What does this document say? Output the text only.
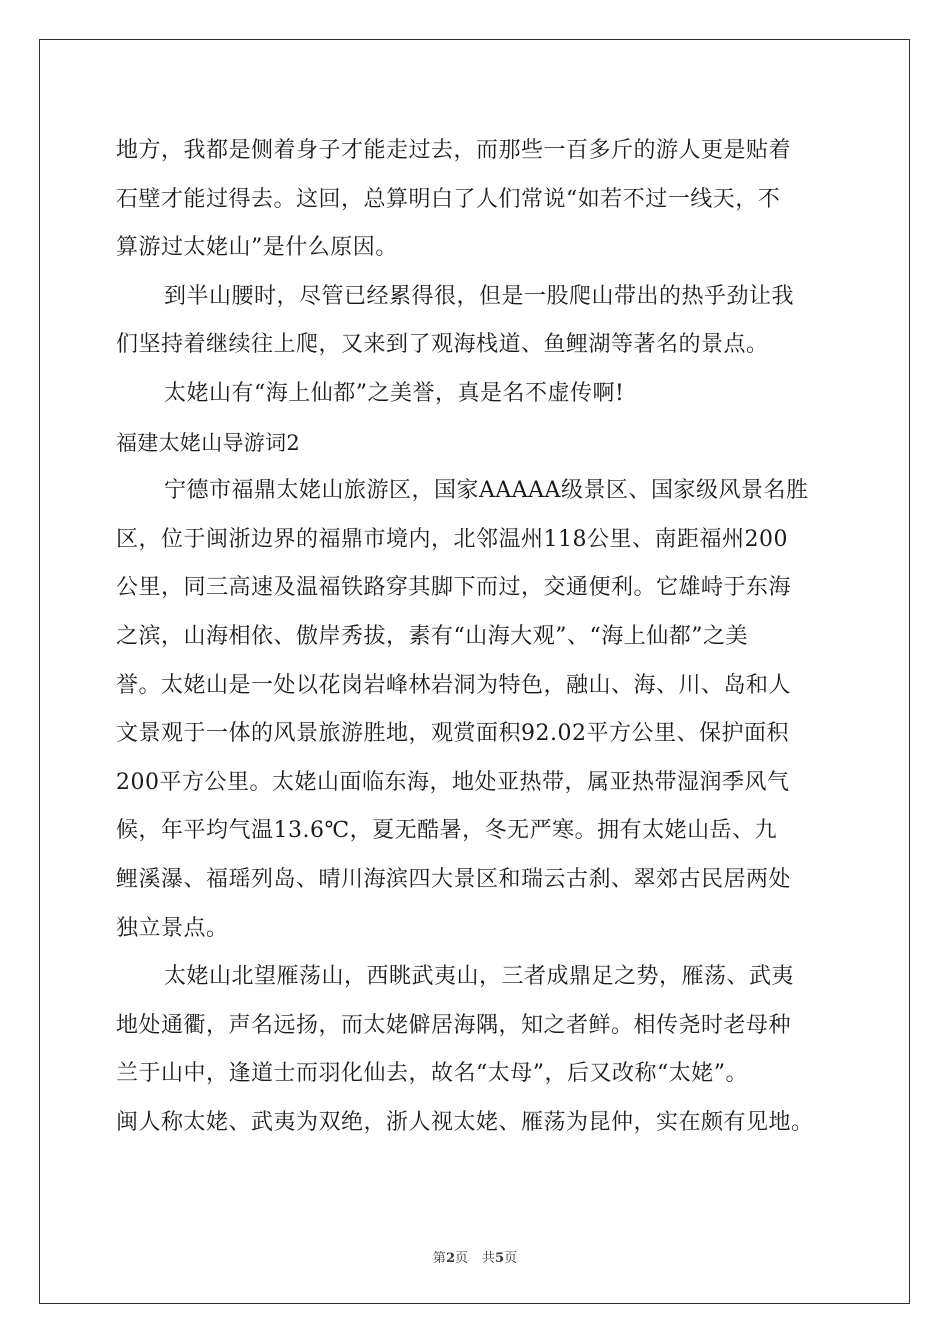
地方，我都是侧着身子才能走过去，而那些一百多斤的游人更是贴着
石壁才能过得去。这回，总算明白了人们常说“如若不过一线天，不
算游过太姥山”是什么原因。
到半山腰时，尽管已经累得很，但是一股爬山带出的热乎劲让我
们坚持着继续往上爬，又来到了观海栈道、鱼鲤湖等著名的景点。
太姥山有“海上仙都”之美誉，真是名不虚传啊!
福建太姥山导游词2
宁德市福鼎太姥山旅游区，国家AAAAA级景区、国家级风景名胜
区，位于闽浙边界的福鼎市境内，北邻温州118公里、南距福州200
公里，同三高速及温福铁路穿其脚下而过，交通便利。它雄峙于东海
之滨，山海相依、傲岸秀拔，素有“山海大观”、“海上仙都”之美
誉。太姥山是一处以花岗岩峰林岩洞为特色，融山、海、川、岛和人
文景观于一体的风景旅游胜地，观赏面积92.02平方公里、保护面积
200平方公里。太姥山面临东海，地处亚热带，属亚热带湿润季风气
候，年平均气温13.6℃，夏无酷暑，冬无严寒。拥有太姥山岳、九
鲤溪瀑、福瑶列岛、晴川海滨四大景区和瑞云古刹、翠郊古民居两处
独立景点。
太姥山北望雁荡山，西眺武夷山，三者成鼎足之势，雁荡、武夷
地处通衢，声名远扬，而太姥僻居海隅，知之者鲜。相传尧时老母种
兰于山中，逢道士而羽化仙去，故名“太母”，后又改称“太姥”。
闽人称太姥、武夷为双绝，浙人视太姥、雁荡为昆仲，实在颇有见地。
第2页 共5页
